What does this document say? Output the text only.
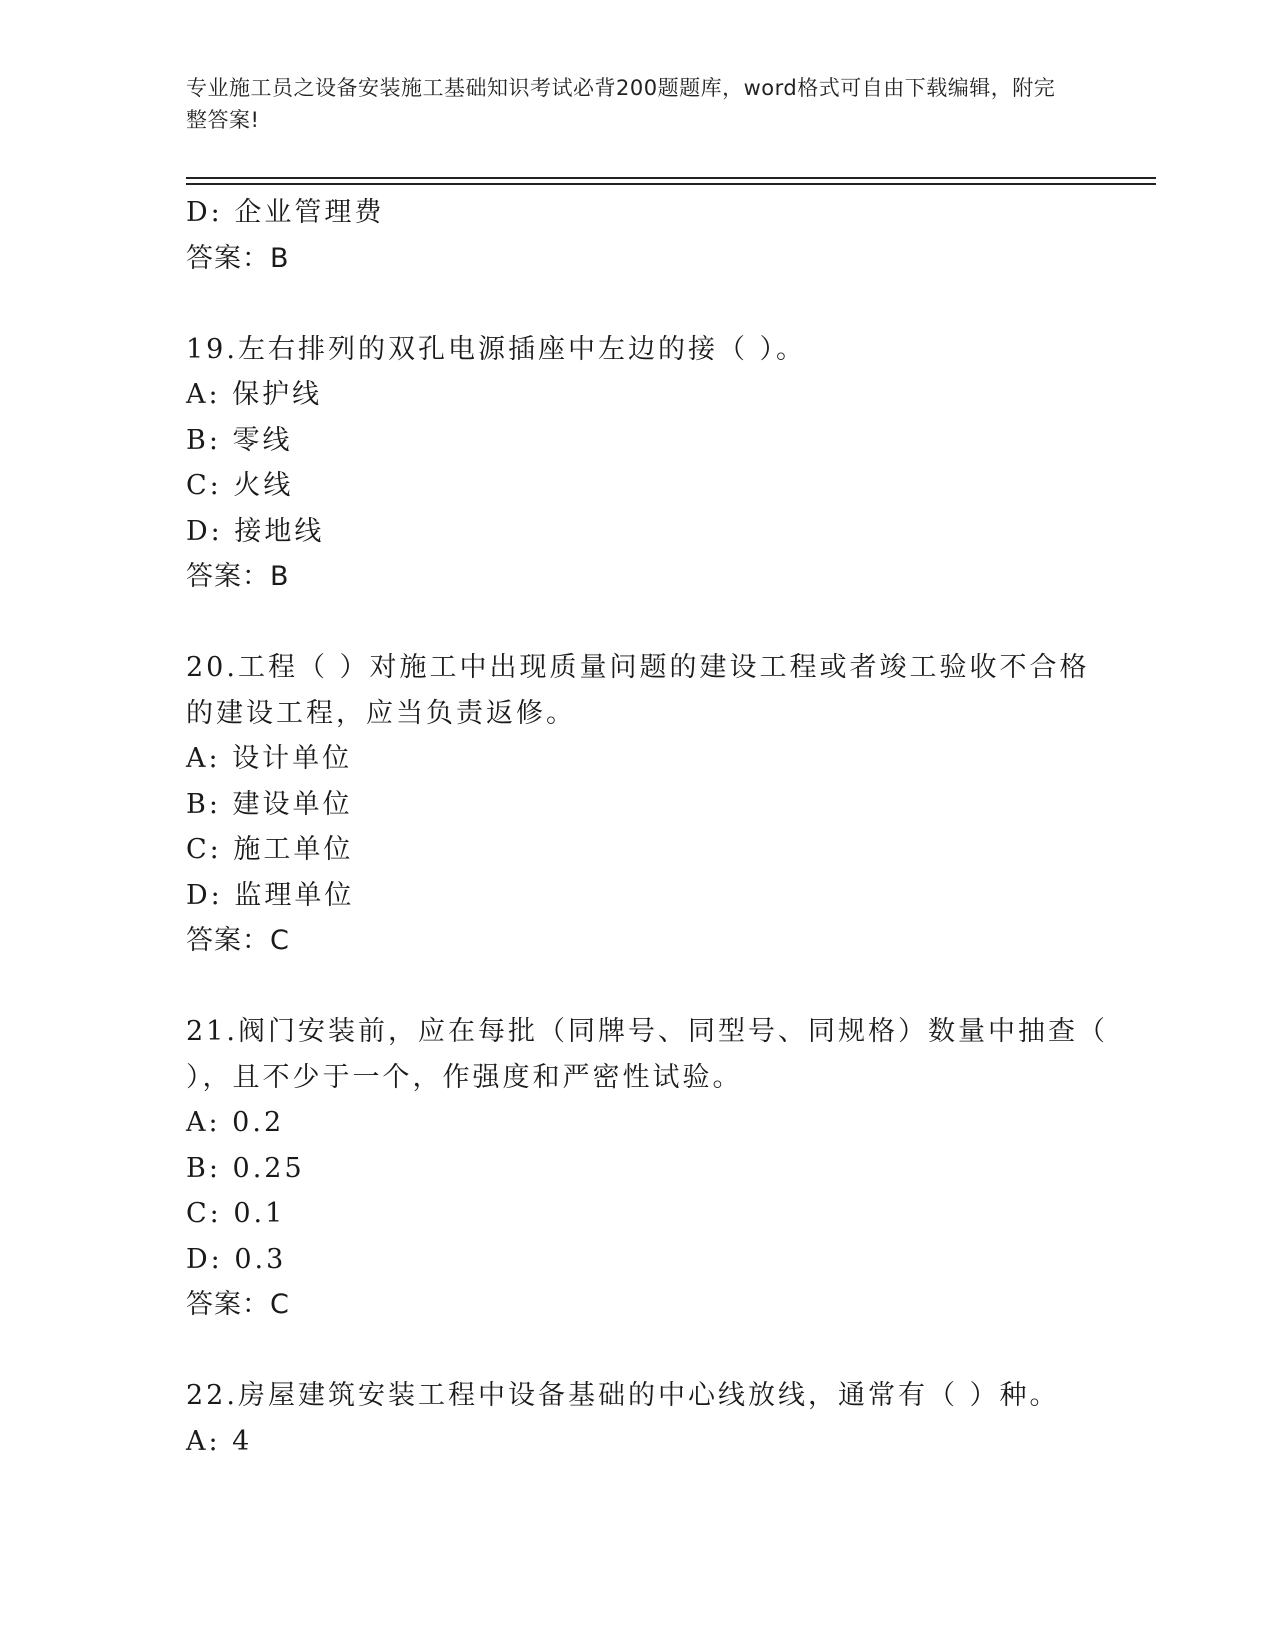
专业施工员之设备安装施工基础知识考试必背200题题库，word格式可自由下载编辑，附完整答案!
D: 企业管理费
答案：B
19.左右排列的双孔电源插座中左边的接（ ）。
A: 保护线
B: 零线
C: 火线
D: 接地线
答案：B
20.工程（ ）对施工中出现质量问题的建设工程或者竣工验收不合格
的建设工程，应当负责返修。
A: 设计单位
B: 建设单位
C: 施工单位
D: 监理单位
答案：C
21.阀门安装前，应在每批（同牌号、同型号、同规格）数量中抽查（
），且不少于一个，作强度和严密性试验。
A: 0.2
B: 0.25
C: 0.1
D: 0.3
答案：C
22.房屋建筑安装工程中设备基础的中心线放线，通常有（ ）种。
A: 4
